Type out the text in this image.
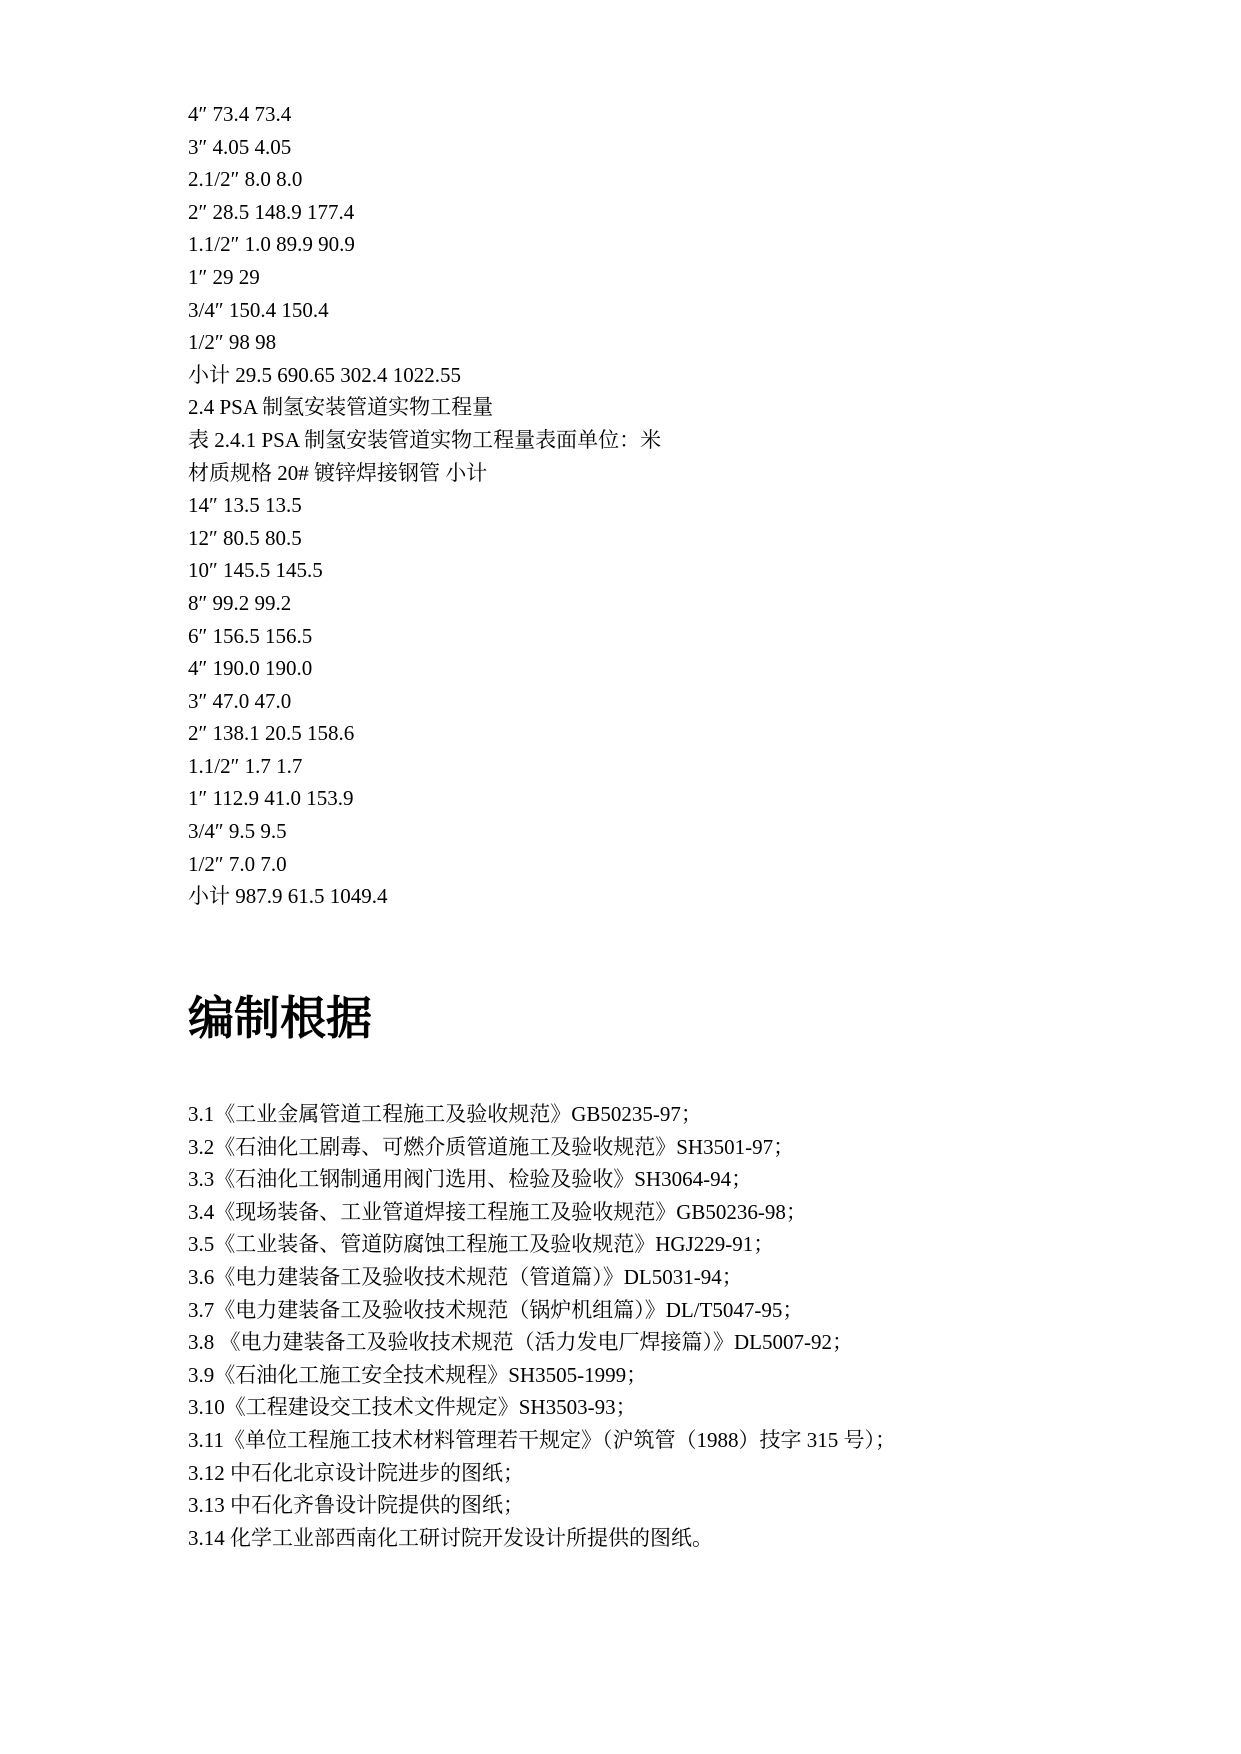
4″ 73.4 73.4
3″ 4.05 4.05
2.1/2″ 8.0 8.0
2″ 28.5 148.9 177.4
1.1/2″ 1.0 89.9 90.9
1″ 29 29
3/4″ 150.4 150.4
1/2″ 98 98
小计 29.5 690.65 302.4 1022.55
2.4 PSA 制氢安装管道实物工程量
表 2.4.1 PSA 制氢安装管道实物工程量表面单位：米
材质规格 20# 镀锌焊接钢管 小计
14″ 13.5 13.5
12″ 80.5 80.5
10″ 145.5 145.5
8″ 99.2 99.2
6″ 156.5 156.5
4″ 190.0 190.0
3″ 47.0 47.0
2″ 138.1 20.5 158.6
1.1/2″ 1.7 1.7
1″ 112.9 41.0 153.9
3/4″ 9.5 9.5
1/2″ 7.0 7.0
小计 987.9 61.5 1049.4
编制根据
3.1《工业金属管道工程施工及验收规范》GB50235-97；
3.2《石油化工剧毒、可燃介质管道施工及验收规范》SH3501-97；
3.3《石油化工钢制通用阀门选用、检验及验收》SH3064-94；
3.4《现场装备、工业管道焊接工程施工及验收规范》GB50236-98；
3.5《工业装备、管道防腐蚀工程施工及验收规范》HGJ229-91；
3.6《电力建装备工及验收技术规范（管道篇）》DL5031-94；
3.7《电力建装备工及验收技术规范（锅炉机组篇）》DL/T5047-95；
3.8 《电力建装备工及验收技术规范（活力发电厂焊接篇）》DL5007-92；
3.9《石油化工施工安全技术规程》SH3505-1999；
3.10《工程建设交工技术文件规定》SH3503-93；
3.11《单位工程施工技术材料管理若干规定》（沪筑管（1988）技字 315 号）；
3.12 中石化北京设计院进步的图纸；
3.13 中石化齐鲁设计院提供的图纸；
3.14 化学工业部西南化工研讨院开发设计所提供的图纸。
